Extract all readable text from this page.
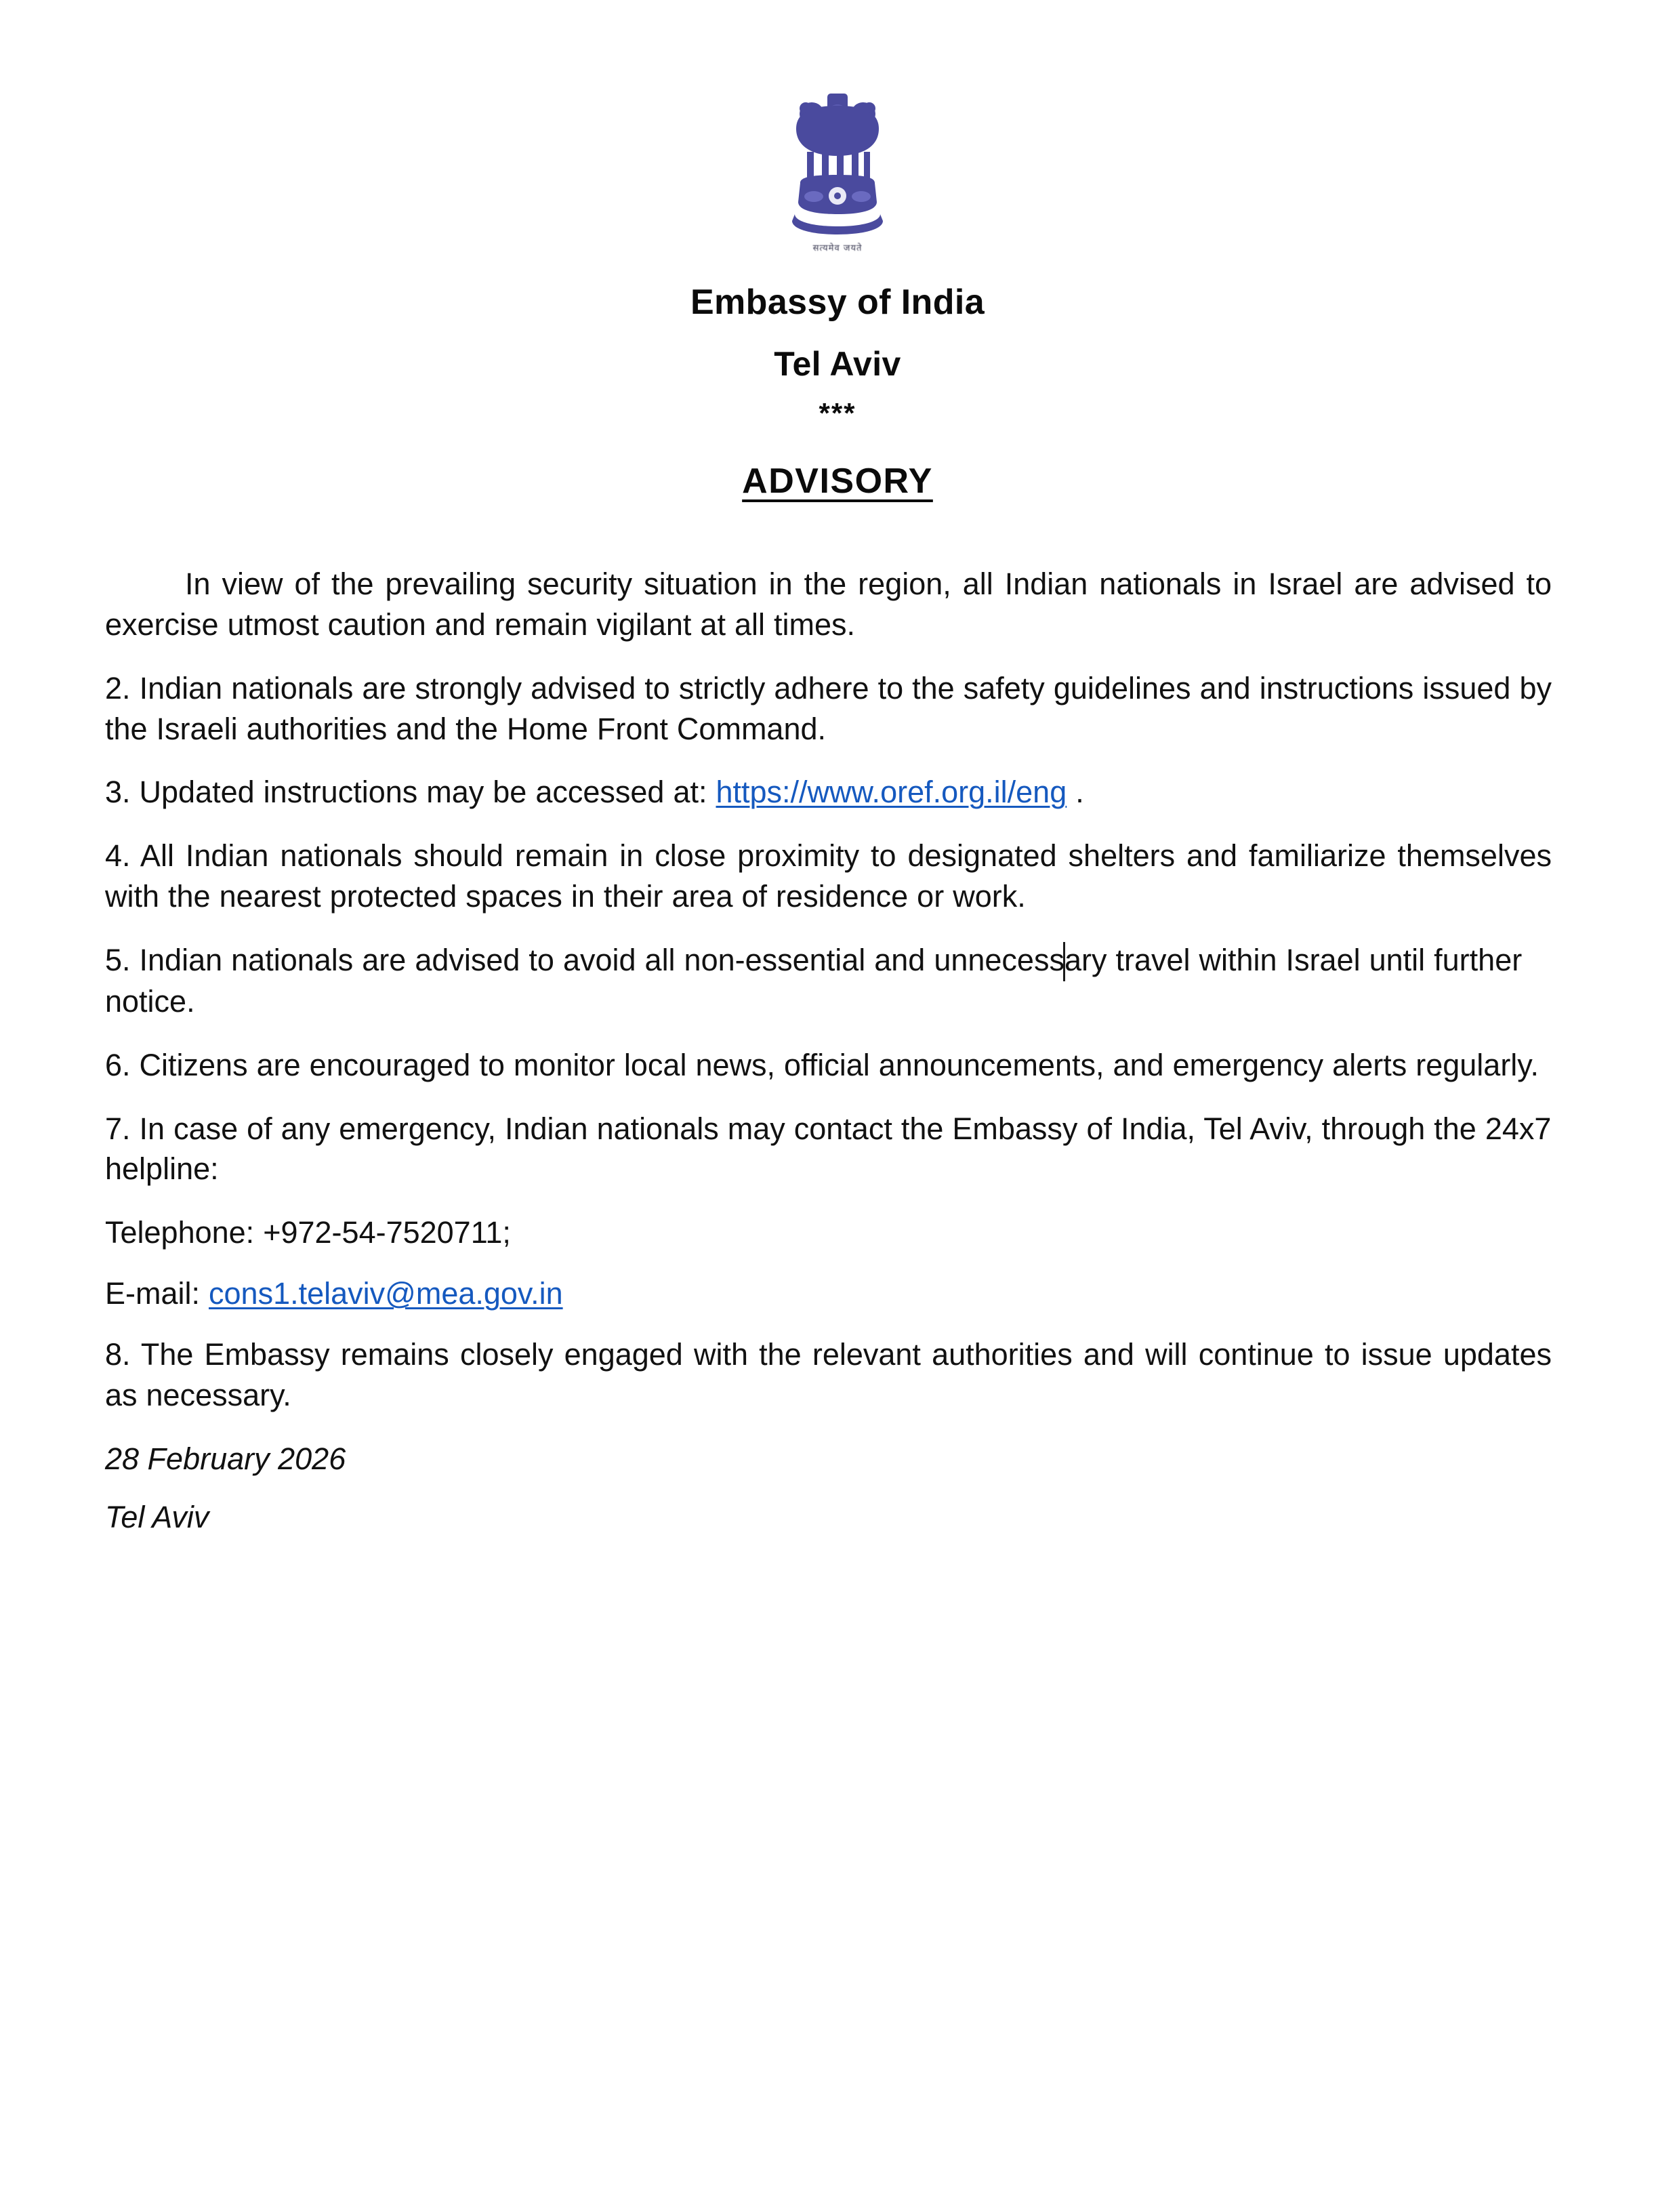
सत्यमेव जयते
Embassy of India
Tel Aviv
***
ADVISORY

In view of the prevailing security situation in the region, all Indian nationals in Israel are advised to exercise utmost caution and remain vigilant at all times.

2. Indian nationals are strongly advised to strictly adhere to the safety guidelines and instructions issued by the Israeli authorities and the Home Front Command.

3. Updated instructions may be accessed at: https://www.oref.org.il/eng .

4. All Indian nationals should remain in close proximity to designated shelters and familiarize themselves with the nearest protected spaces in their area of residence or work.

5. Indian nationals are advised to avoid all non-essential and unnecessary travel within Israel until further notice.

6. Citizens are encouraged to monitor local news, official announcements, and emergency alerts regularly.

7. In case of any emergency, Indian nationals may contact the Embassy of India, Tel Aviv, through the 24x7 helpline:

Telephone: +972-54-7520711;

E-mail: cons1.telaviv@mea.gov.in

8. The Embassy remains closely engaged with the relevant authorities and will continue to issue updates as necessary.

28 February 2026
Tel Aviv
